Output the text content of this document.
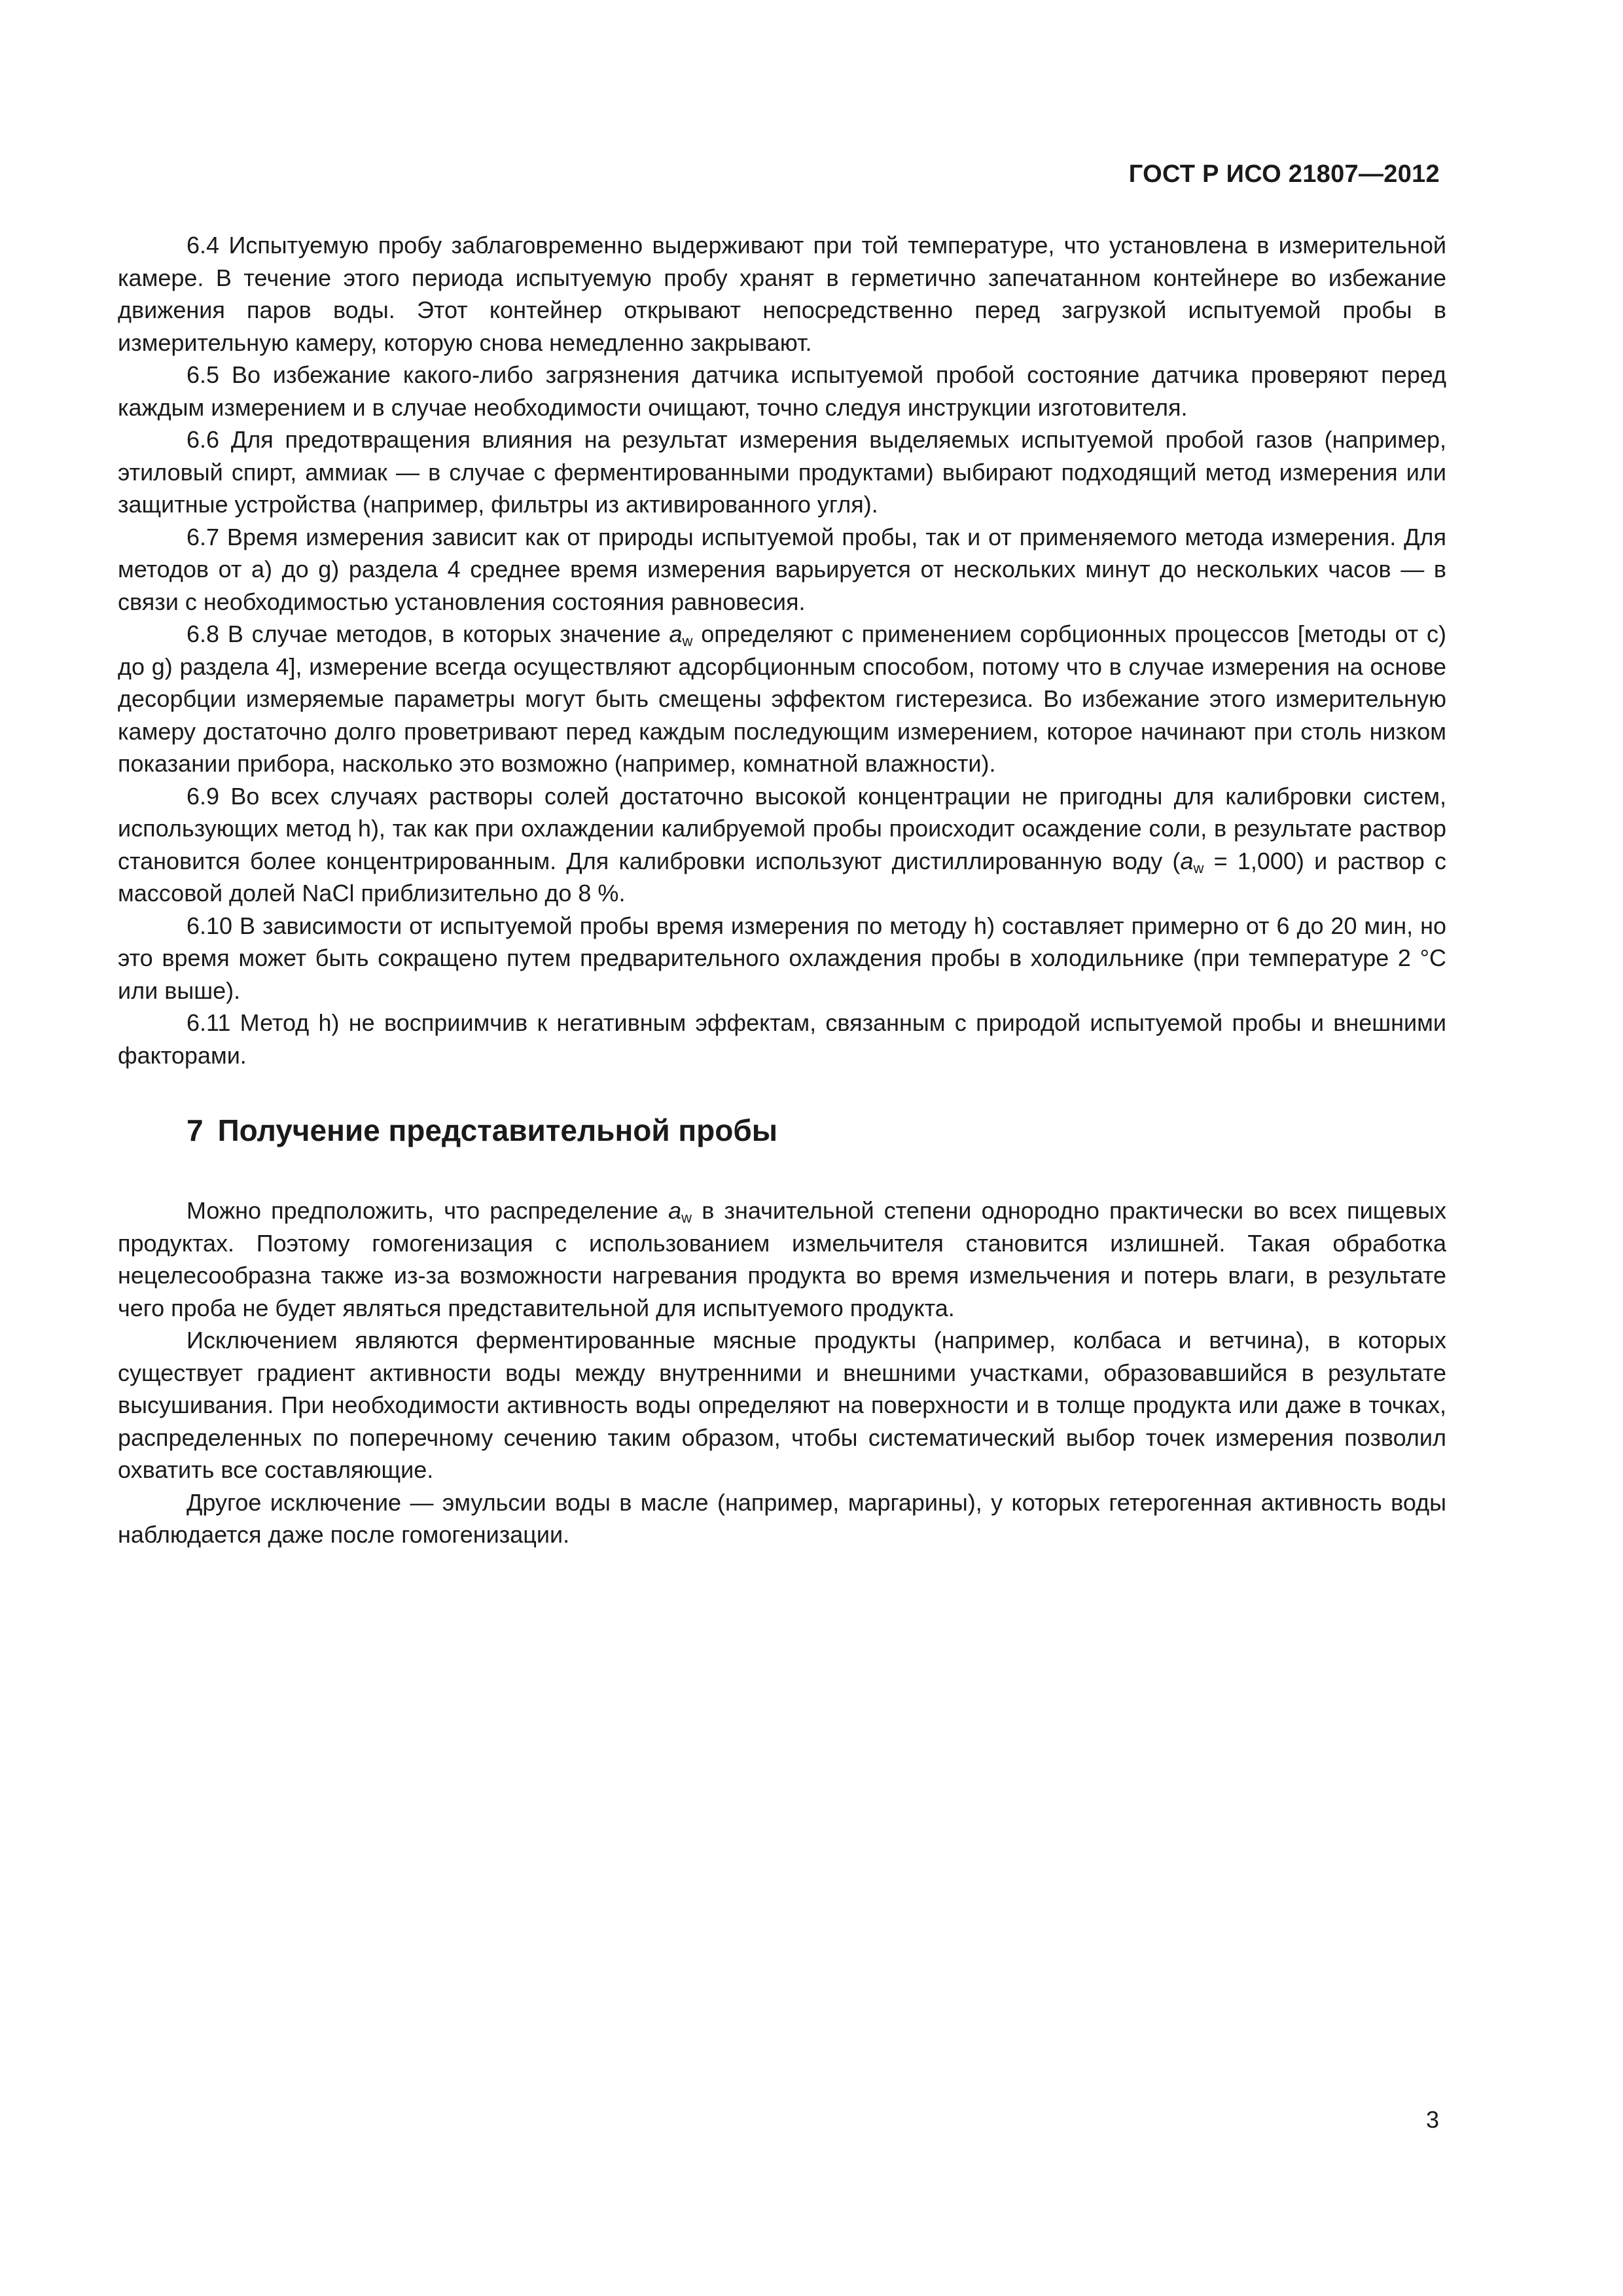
ГОСТ Р ИСО 21807—2012

6.4 Испытуемую пробу заблаговременно выдерживают при той температуре, что установлена в измерительной камере. В течение этого периода испытуемую пробу хранят в герметично запечатанном контейнере во избежание движения паров воды. Этот контейнер открывают непосредственно перед загрузкой испытуемой пробы в измерительную камеру, которую снова немедленно закрывают.

6.5 Во избежание какого-либо загрязнения датчика испытуемой пробой состояние датчика проверяют перед каждым измерением и в случае необходимости очищают, точно следуя инструкции изготовителя.

6.6 Для предотвращения влияния на результат измерения выделяемых испытуемой пробой газов (например, этиловый спирт, аммиак — в случае с ферментированными продуктами) выбирают подходящий метод измерения или защитные устройства (например, фильтры из активированного угля).

6.7 Время измерения зависит как от природы испытуемой пробы, так и от применяемого метода измерения. Для методов от а) до g) раздела 4 среднее время измерения варьируется от нескольких минут до нескольких часов — в связи с необходимостью установления состояния равновесия.

6.8 В случае методов, в которых значение $a_w$ определяют с применением сорбционных процессов [методы от с) до g) раздела 4], измерение всегда осуществляют адсорбционным способом, потому что в случае измерения на основе десорбции измеряемые параметры могут быть смещены эффектом гистерезиса. Во избежание этого измерительную камеру достаточно долго проветривают перед каждым последующим измерением, которое начинают при столь низком показании прибора, насколько это возможно (например, комнатной влажности).

6.9 Во всех случаях растворы солей достаточно высокой концентрации не пригодны для калибровки систем, использующих метод h), так как при охлаждении калибруемой пробы происходит осаждение соли, в результате раствор становится более концентрированным. Для калибровки используют дистиллированную воду $(a_w = 1,000)$ и раствор с массовой долей NaCl приблизительно до 8 %.

6.10 В зависимости от испытуемой пробы время измерения по методу h) составляет примерно от 6 до 20 мин, но это время может быть сокращено путем предварительного охлаждения пробы в холодильнике (при температуре 2 °С или выше).

6.11 Метод h) не восприимчив к негативным эффектам, связанным с природой испытуемой пробы и внешними факторами.

7 Получение представительной пробы

Можно предположить, что распределение $a_w$ в значительной степени однородно практически во всех пищевых продуктах. Поэтому гомогенизация с использованием измельчителя становится излишней. Такая обработка нецелесообразна также из-за возможности нагревания продукта во время измельчения и потерь влаги, в результате чего проба не будет являться представительной для испытуемого продукта.

Исключением являются ферментированные мясные продукты (например, колбаса и ветчина), в которых существует градиент активности воды между внутренними и внешними участками, образовавшийся в результате высушивания. При необходимости активность воды определяют на поверхности и в толще продукта или даже в точках, распределенных по поперечному сечению таким образом, чтобы систематический выбор точек измерения позволил охватить все составляющие.

Другое исключение — эмульсии воды в масле (например, маргарины), у которых гетерогенная активность воды наблюдается даже после гомогенизации.

3
